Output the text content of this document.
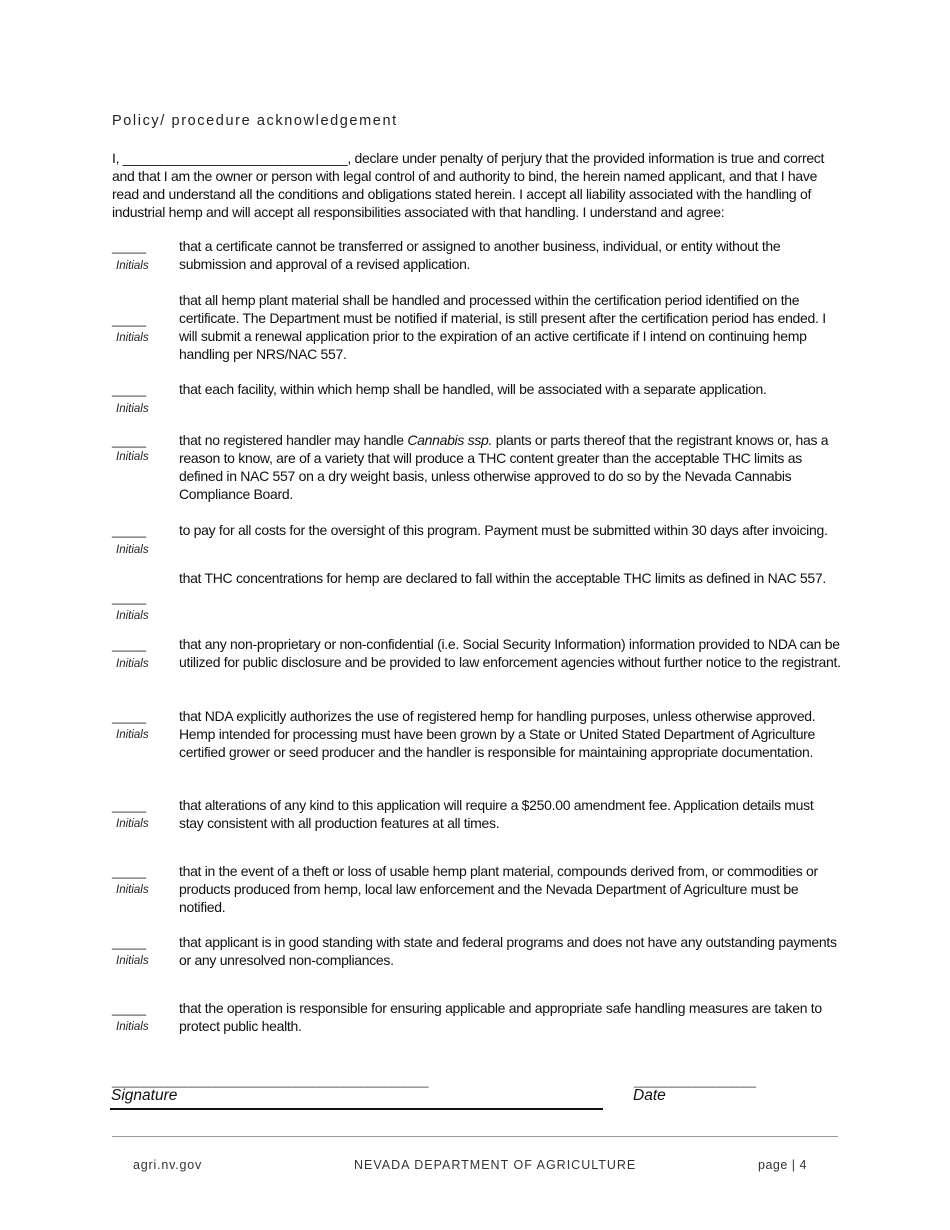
Policy/ procedure acknowledgement
I, ______________________________, declare under penalty of perjury that the provided information is true and correct and that I am the owner or person with legal control of and authority to bind, the herein named applicant, and that I have read and understand all the conditions and obligations stated herein. I accept all liability associated with the handling of industrial hemp and will accept all responsibilities associated with that handling. I understand and agree:
_____
Initials
that a certificate cannot be transferred or assigned to another business, individual, or entity without the submission and approval of a revised application.
_____
Initials
that all hemp plant material shall be handled and processed within the certification period identified on the certificate. The Department must be notified if material, is still present after the certification period has ended. I will submit a renewal application prior to the expiration of an active certificate if I intend on continuing hemp handling per NRS/NAC 557.
_____
Initials
that each facility, within which hemp shall be handled, will be associated with a separate application.
_____
Initials
that no registered handler may handle Cannabis ssp. plants or parts thereof that the registrant knows or, has a reason to know, are of a variety that will produce a THC content greater than the acceptable THC limits as defined in NAC 557 on a dry weight basis, unless otherwise approved to do so by the Nevada Cannabis Compliance Board.
_____
Initials
to pay for all costs for the oversight of this program. Payment must be submitted within 30 days after invoicing.
_____
Initials
that THC concentrations for hemp are declared to fall within the acceptable THC limits as defined in NAC 557.
_____
Initials
that any non-proprietary or non-confidential (i.e. Social Security Information) information provided to NDA can be utilized for public disclosure and be provided to law enforcement agencies without further notice to the registrant.
_____
Initials
that NDA explicitly authorizes the use of registered hemp for handling purposes, unless otherwise approved. Hemp intended for processing must have been grown by a State or United Stated Department of Agriculture certified grower or seed producer and the handler is responsible for maintaining appropriate documentation.
_____
Initials
that alterations of any kind to this application will require a $250.00 amendment fee. Application details must stay consistent with all production features at all times.
_____
Initials
that in the event of a theft or loss of usable hemp plant material, compounds derived from, or commodities or products produced from hemp, local law enforcement and the Nevada Department of Agriculture must be notified.
_____
Initials
that applicant is in good standing with state and federal programs and does not have any outstanding payments or any unresolved non-compliances.
_____
Initials
that the operation is responsible for ensuring applicable and appropriate safe handling measures are taken to protect public health.
____________________________________________________
Signature
____________________
Date
agri.nv.gov	NEVADA DEPARTMENT OF AGRICULTURE	page | 4
